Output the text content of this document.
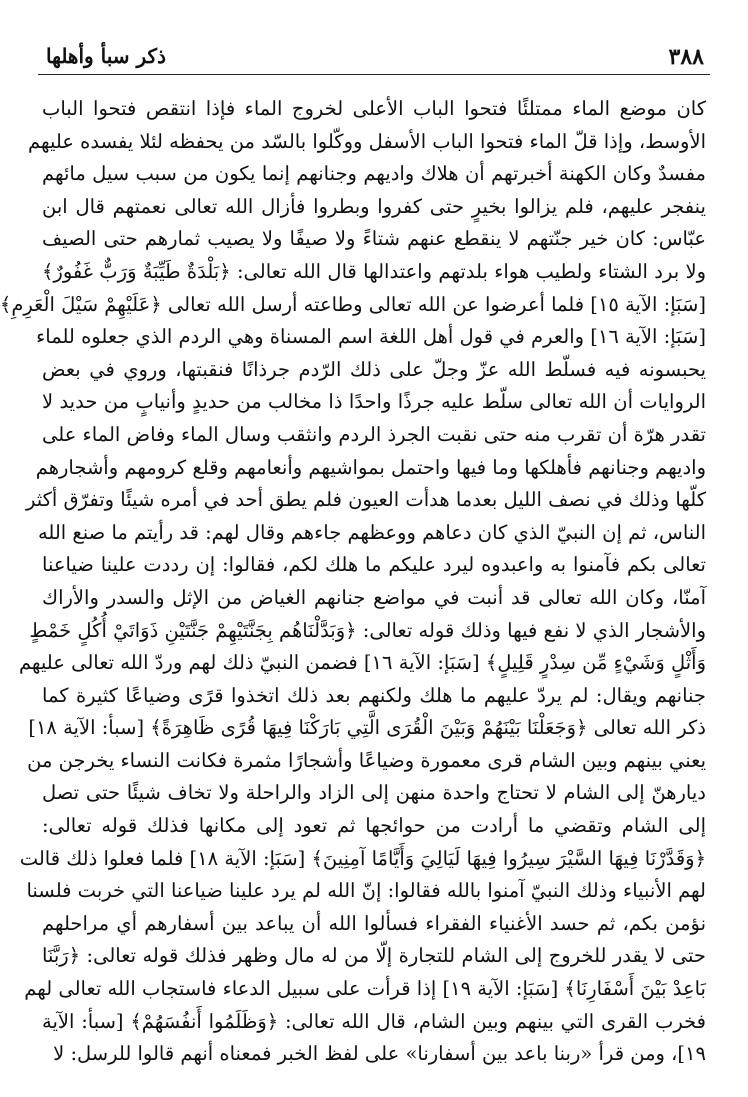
٣٨٨
ذكر سبأ وأهلها
كان موضع الماء ممتلئًا فتحوا الباب الأعلى لخروج الماء فإذا انتقص فتحوا الباب
الأوسط، وإذا قلّ الماء فتحوا الباب الأسفل ووكّلوا بالسّد من يحفظه لئلا يفسده عليهم
مفسدٌ وكان الكهنة أخبرتهم أن هلاك واديهم وجنانهم إنما يكون من سبب سيل مائهم
ينفجر عليهم، فلم يزالوا بخيرٍ حتى كفروا وبطروا فأزال الله تعالى نعمتهم قال ابن
عبّاس: كان خير جنّتهم لا ينقطع عنهم شتاءً ولا صيفًا ولا يصيب ثمارهم حتى الصيف
ولا برد الشتاء ولطيب هواء بلدتهم واعتدالها قال الله تعالى: ﴿بَلْدَةٌ طَيِّبَةٌ وَرَبٌّ غَفُورٌ﴾
[سَبَإ: الآية ١٥] فلما أعرضوا عن الله تعالى وطاعته أرسل الله تعالى ﴿عَلَيْهِمْ سَيْلَ الْعَرِمِ﴾
[سَبَإ: الآية ١٦] والعرم في قول أهل اللغة اسم المسناة وهي الردم الذي جعلوه للماء
يحبسونه فيه فسلّط الله عزّ وجلّ على ذلك الرّدم جرذانًا فنقبتها، وروي في بعض
الروايات أن الله تعالى سلّط عليه جرذًا واحدًا ذا مخالب من حديدٍ وأنيابٍ من حديد لا
تقدر هرّة أن تقرب منه حتى نقبت الجرذ الردم وانثقب وسال الماء وفاض الماء على
واديهم وجنانهم فأهلكها وما فيها واحتمل بمواشيهم وأنعامهم وقلع كرومهم وأشجارهم
كلّها وذلك في نصف الليل بعدما هدأت العيون فلم يطق أحد في أمره شيئًا وتفرّق أكثر
الناس، ثم إن النبيّ الذي كان دعاهم ووعظهم جاءهم وقال لهم: قد رأيتم ما صنع الله
تعالى بكم فآمنوا به واعبدوه ليرد عليكم ما هلك لكم، فقالوا: إن رددت علينا ضياعنا
آمنّا، وكان الله تعالى قد أنبت في مواضع جنانهم الغياض من الإثل والسدر والأراك
والأشجار الذي لا نفع فيها وذلك قوله تعالى: ﴿وَبَدَّلْنَاهُم بِجَنَّتَيْهِمْ جَنَّتَيْنِ ذَوَاتَيْ أُكُلٍ خَمْطٍ
وَأَثْلٍ وَشَيْءٍ مِّن سِدْرٍ قَلِيلٍ﴾ [سَبَإ: الآية ١٦] فضمن النبيّ ذلك لهم وردّ الله تعالى عليهم
جنانهم ويقال: لم يردّ عليهم ما هلك ولكنهم بعد ذلك اتخذوا قرًى وضياعًا كثيرة كما
ذكر الله تعالى ﴿وَجَعَلْنَا بَيْنَهُمْ وَبَيْنَ الْقُرَى الَّتِي بَارَكْنَا فِيهَا قُرًى ظَاهِرَةً﴾ [سبأ: الآية ١٨]
يعني بينهم وبين الشام قرى معمورة وضياعًا وأشجارًا مثمرة فكانت النساء يخرجن من
ديارهنّ إلى الشام لا تحتاج واحدة منهن إلى الزاد والراحلة ولا تخاف شيئًا حتى تصل
إلى الشام وتقضي ما أرادت من حوائجها ثم تعود إلى مكانها فذلك قوله تعالى:
﴿وَقَدَّرْنَا فِيهَا السَّيْرَ سِيرُوا فِيهَا لَيَالِيَ وَأَيَّامًا آمِنِينَ﴾ [سَبَإ: الآية ١٨] فلما فعلوا ذلك قالت
لهم الأنبياء وذلك النبيّ آمنوا بالله فقالوا: إنّ الله لم يرد علينا ضياعنا التي خربت فلسنا
نؤمن بكم، ثم حسد الأغنياء الفقراء فسألوا الله أن يباعد بين أسفارهم أي مراحلهم
حتى لا يقدر للخروج إلى الشام للتجارة إلّا من له مال وظهر فذلك قوله تعالى: ﴿رَبَّنَا
بَاعِدْ بَيْنَ أَسْفَارِنَا﴾ [سَبَإ: الآية ١٩] إذا قرأت على سبيل الدعاء فاستجاب الله تعالى لهم
فخرب القرى التي بينهم وبين الشام، قال الله تعالى: ﴿وَظَلَمُوا أَنفُسَهُمْ﴾ [سبأ: الآية
١٩]، ومن قرأ «ربنا باعد بين أسفارنا» على لفظ الخبر فمعناه أنهم قالوا للرسل: لا
